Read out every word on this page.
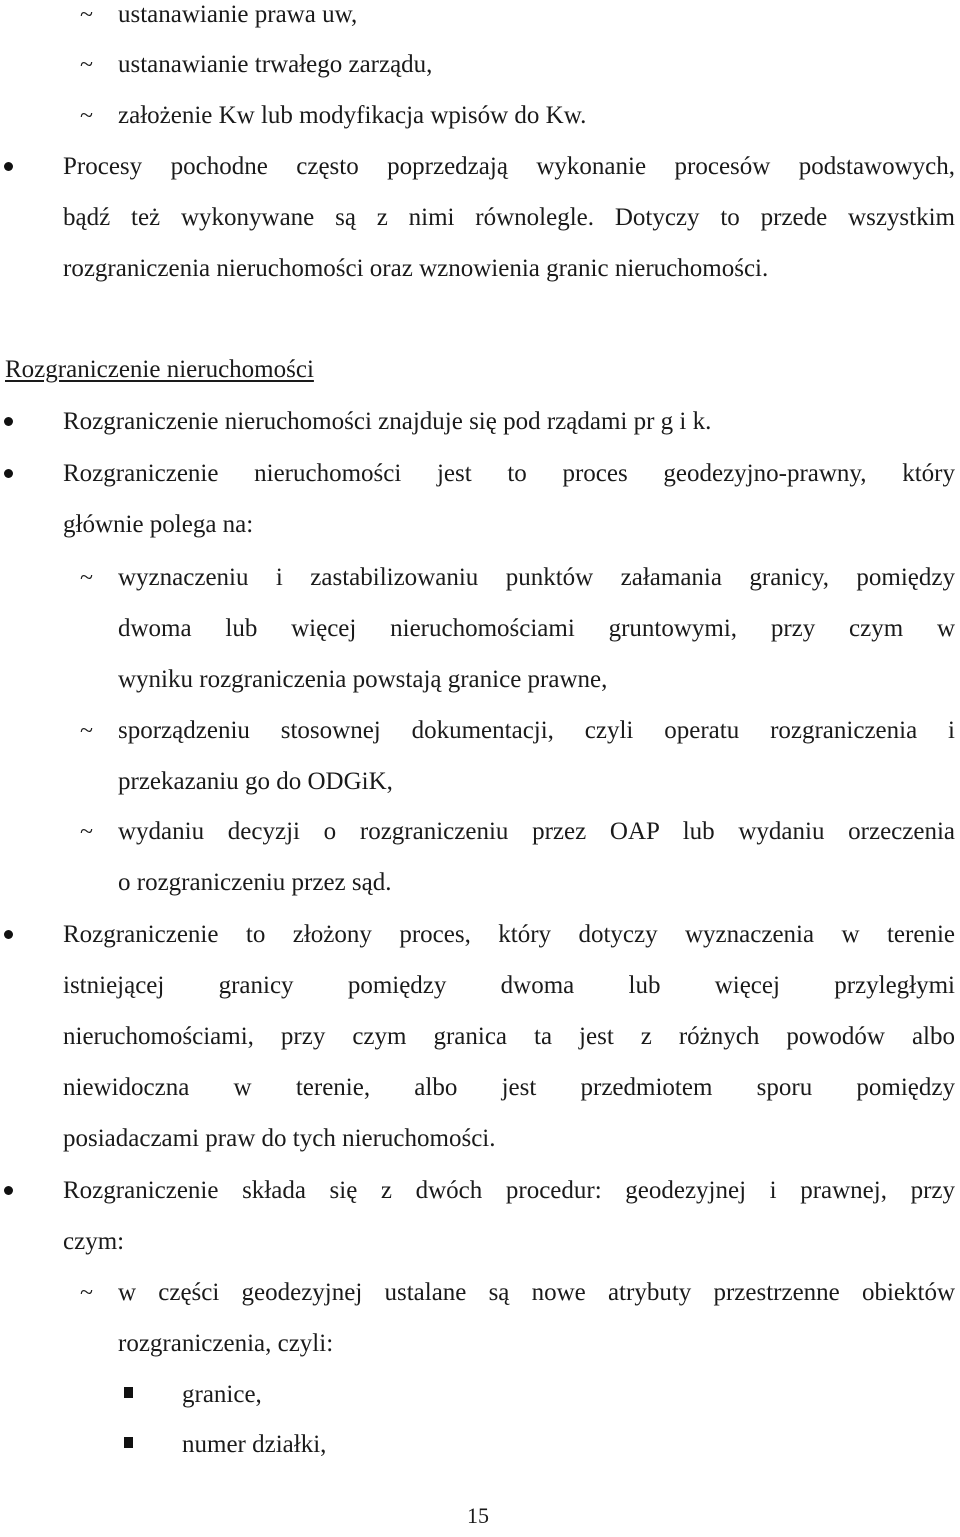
~ ustanawianie prawa uw,
~ ustanawianie trwałego zarządu,
~ założenie Kw lub modyfikacja wpisów do Kw.
Procesy pochodne często poprzedzają wykonanie procesów podstawowych,
bądź też wykonywane są z nimi równolegle. Dotyczy to przede wszystkim
rozgraniczenia nieruchomości oraz wznowienia granic nieruchomości.
Rozgraniczenie nieruchomości
Rozgraniczenie nieruchomości znajduje się pod rządami pr g i k.
Rozgraniczenie nieruchomości jest to proces geodezyjno-prawny, który
głównie polega na:
~ wyznaczeniu i zastabilizowaniu punktów załamania granicy, pomiędzy
dwoma lub więcej nieruchomościami gruntowymi, przy czym w
wyniku rozgraniczenia powstają granice prawne,
~ sporządzeniu stosownej dokumentacji, czyli operatu rozgraniczenia i
przekazaniu go do ODGiK,
~ wydaniu decyzji o rozgraniczeniu przez OAP lub wydaniu orzeczenia
o rozgraniczeniu przez sąd.
Rozgraniczenie to złożony proces, który dotyczy wyznaczenia w terenie
istniejącej granicy pomiędzy dwoma lub więcej przyległymi
nieruchomościami, przy czym granica ta jest z różnych powodów albo
niewidoczna w terenie, albo jest przedmiotem sporu pomiędzy
posiadaczami praw do tych nieruchomości.
Rozgraniczenie składa się z dwóch procedur: geodezyjnej i prawnej, przy
czym:
~ w części geodezyjnej ustalane są nowe atrybuty przestrzenne obiektów
rozgraniczenia, czyli:
granice,
numer działki,
15
